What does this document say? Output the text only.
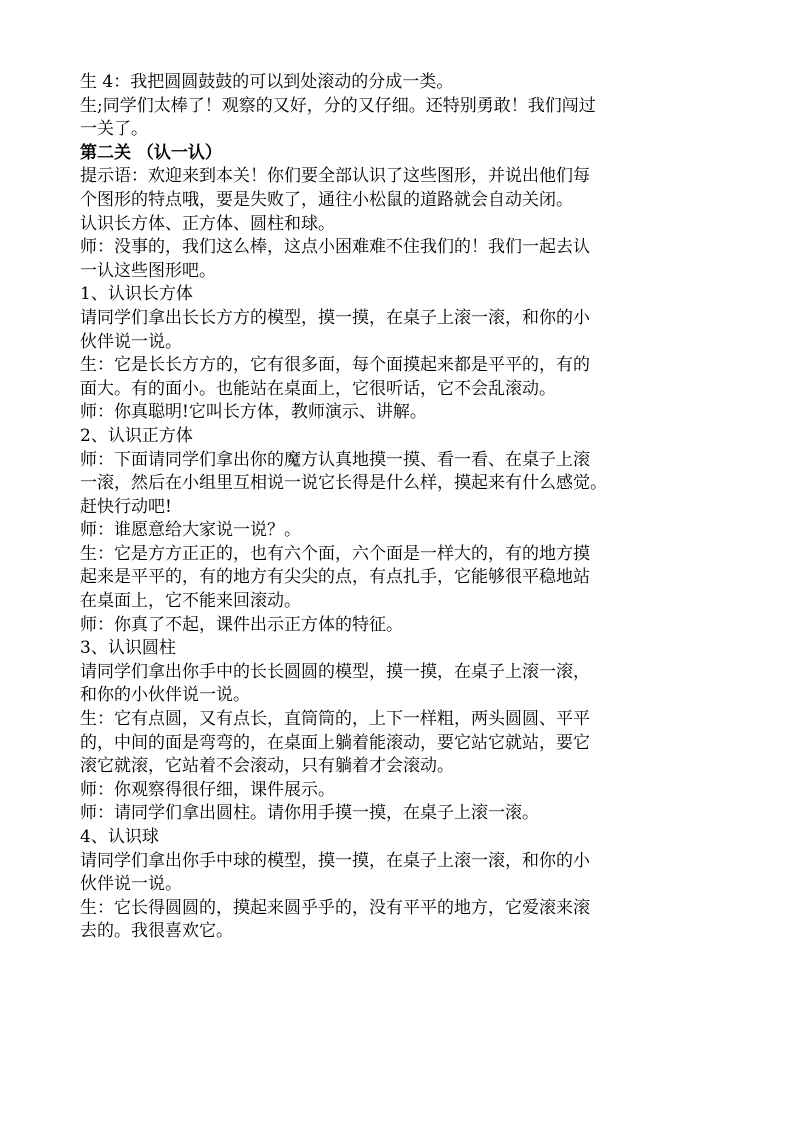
生 4：我把圆圆鼓鼓的可以到处滚动的分成一类。
生;同学们太棒了！观察的又好，分的又仔细。还特别勇敢！我们闯过
一关了。
第二关 （认一认）
提示语：欢迎来到本关！你们要全部认识了这些图形，并说出他们每
个图形的特点哦，要是失败了，通往小松鼠的道路就会自动关闭。
认识长方体、正方体、圆柱和球。
师：没事的，我们这么棒，这点小困难难不住我们的！我们一起去认
一认这些图形吧。
1、认识长方体
请同学们拿出长长方方的模型，摸一摸，在桌子上滚一滚，和你的小
伙伴说一说。
生：它是长长方方的，它有很多面，每个面摸起来都是平平的，有的
面大。有的面小。也能站在桌面上，它很听话，它不会乱滚动。
师：你真聪明!它叫长方体，教师演示、讲解。
2、认识正方体
师：下面请同学们拿出你的魔方认真地摸一摸、看一看、在桌子上滚
一滚，然后在小组里互相说一说它长得是什么样，摸起来有什么感觉。
赶快行动吧!
师：谁愿意给大家说一说？。
生：它是方方正正的，也有六个面，六个面是一样大的，有的地方摸
起来是平平的，有的地方有尖尖的点，有点扎手，它能够很平稳地站
在桌面上，它不能来回滚动。
师：你真了不起，课件出示正方体的特征。
3、认识圆柱
请同学们拿出你手中的长长圆圆的模型，摸一摸，在桌子上滚一滚，
和你的小伙伴说一说。
生：它有点圆，又有点长，直筒筒的，上下一样粗，两头圆圆、平平
的，中间的面是弯弯的，在桌面上躺着能滚动，要它站它就站，要它
滚它就滚，它站着不会滚动，只有躺着才会滚动。
师：你观察得很仔细，课件展示。
师：请同学们拿出圆柱。请你用手摸一摸，在桌子上滚一滚。
4、认识球
请同学们拿出你手中球的模型，摸一摸，在桌子上滚一滚，和你的小
伙伴说一说。
生：它长得圆圆的，摸起来圆乎乎的，没有平平的地方，它爱滚来滚
去的。我很喜欢它。
